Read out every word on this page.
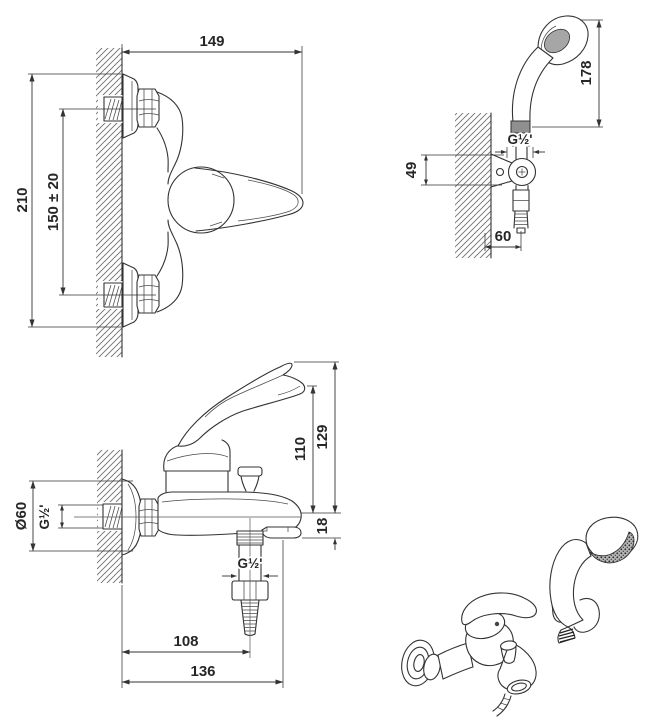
149
210 150 ± 20
178
G½'
49
60
Ø60 G½'
110 129
18
G½'
108
136
